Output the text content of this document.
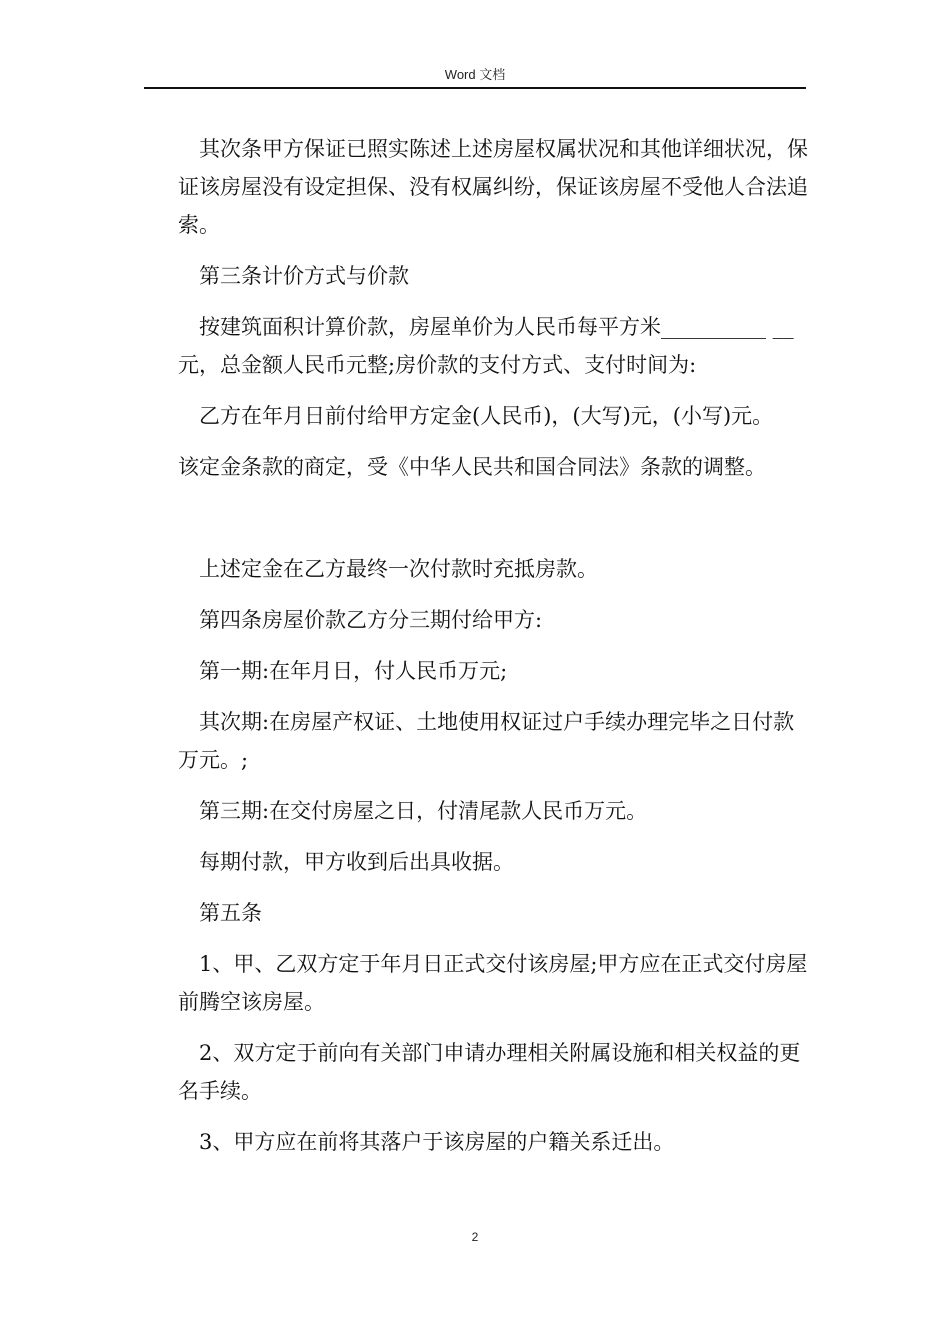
Word 文档

其次条甲方保证已照实陈述上述房屋权属状况和其他详细状况，保证该房屋没有设定担保、没有权属纠纷，保证该房屋不受他人合法追索。

第三条计价方式与价款

按建筑面积计算价款，房屋单价为人民币每平方米__________ __元，总金额人民币元整;房价款的支付方式、支付时间为:

乙方在年月日前付给甲方定金(人民币)，(大写)元，(小写)元。

该定金条款的商定，受《中华人民共和国合同法》条款的调整。

上述定金在乙方最终一次付款时充抵房款。

第四条房屋价款乙方分三期付给甲方:

第一期:在年月日，付人民币万元;

其次期:在房屋产权证、土地使用权证过户手续办理完毕之日付款万元。;

第三期:在交付房屋之日，付清尾款人民币万元。

每期付款，甲方收到后出具收据。

第五条

1、甲、乙双方定于年月日正式交付该房屋;甲方应在正式交付房屋前腾空该房屋。

2、双方定于前向有关部门申请办理相关附属设施和相关权益的更名手续。

3、甲方应在前将其落户于该房屋的户籍关系迁出。

2
